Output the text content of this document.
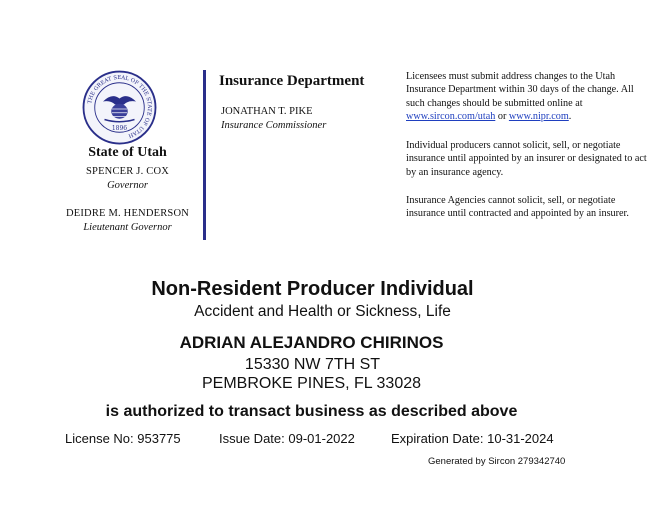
THE GREAT SEAL OF THE STATE OF UTAH
1896
State of Utah
SPENCER J. COX
Governor
DEIDRE M. HENDERSON
Lieutenant Governor
Insurance Department
JONATHAN T. PIKE
Insurance Commissioner
Licensees must submit address changes to the Utah Insurance Department within 30 days of the change. All such changes should be submitted online at www.sircon.com/utah or www.nipr.com.
Individual producers cannot solicit, sell, or negotiate insurance until appointed by an insurer or designated to act by an insurance agency.
Insurance Agencies cannot solicit, sell, or negotiate insurance until contracted and appointed by an insurer.
Non-Resident Producer Individual
Accident and Health or Sickness, Life
ADRIAN ALEJANDRO CHIRINOS
15330 NW 7TH ST
PEMBROKE PINES, FL 33028
is authorized to transact business as described above
License No: 953775	Issue Date: 09-01-2022	Expiration Date: 10-31-2024
Generated by Sircon 279342740
